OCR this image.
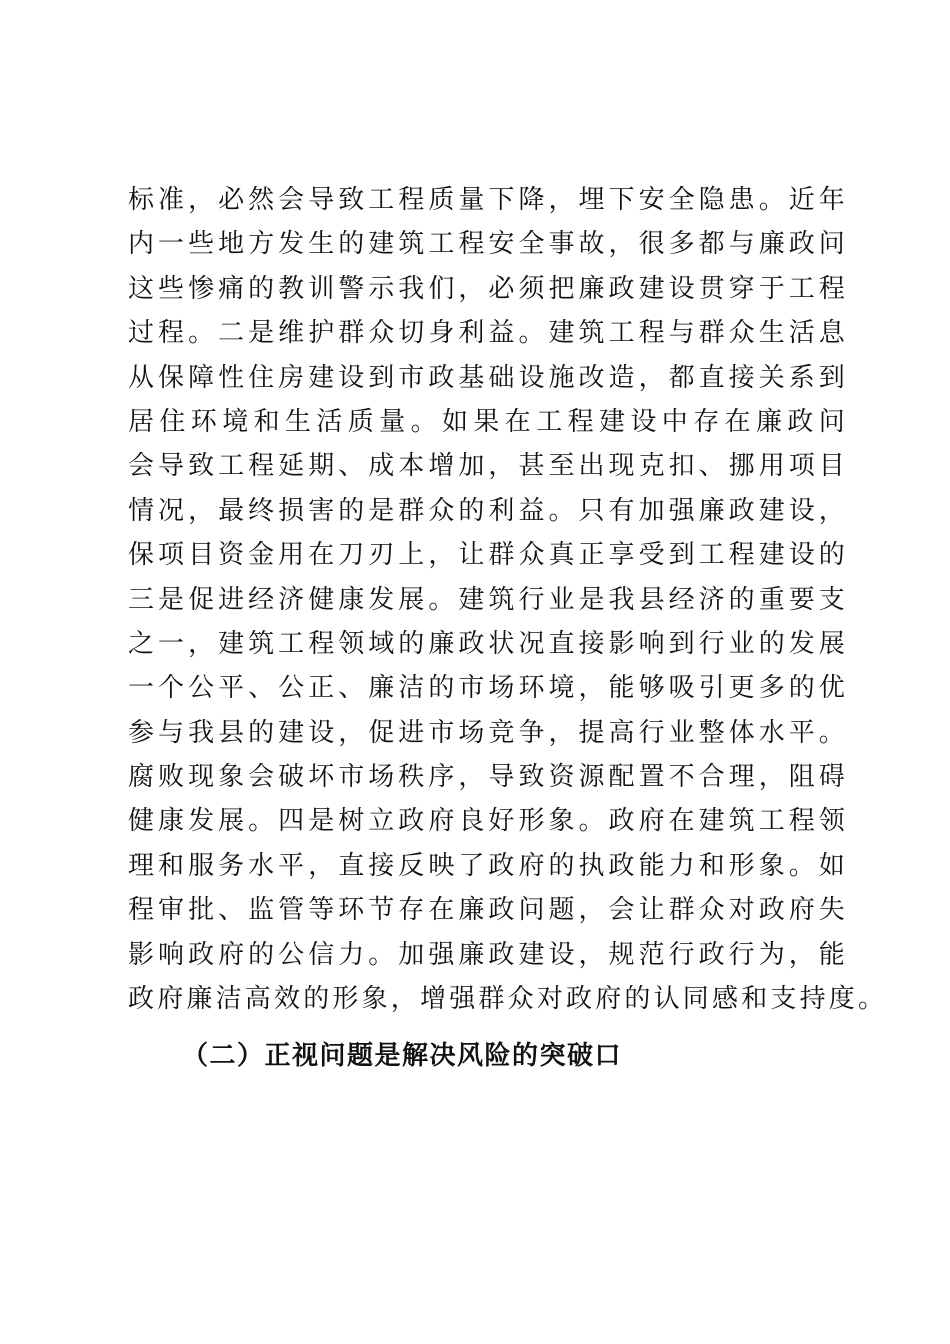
标准，必然会导致工程质量下降，埋下安全隐患。近年
内一些地方发生的建筑工程安全事故，很多都与廉政问
这些惨痛的教训警示我们，必须把廉政建设贯穿于工程
过程。二是维护群众切身利益。建筑工程与群众生活息
从保障性住房建设到市政基础设施改造，都直接关系到
居住环境和生活质量。如果在工程建设中存在廉政问
会导致工程延期、成本增加，甚至出现克扣、挪用项目
情况，最终损害的是群众的利益。只有加强廉政建设，
保项目资金用在刀刃上，让群众真正享受到工程建设的
三是促进经济健康发展。建筑行业是我县经济的重要支
之一，建筑工程领域的廉政状况直接影响到行业的发展
一个公平、公正、廉洁的市场环境，能够吸引更多的优
参与我县的建设，促进市场竞争，提高行业整体水平。
腐败现象会破坏市场秩序，导致资源配置不合理，阻碍
健康发展。四是树立政府良好形象。政府在建筑工程领
理和服务水平，直接反映了政府的执政能力和形象。如
程审批、监管等环节存在廉政问题，会让群众对政府失
影响政府的公信力。加强廉政建设，规范行政行为，能
政府廉洁高效的形象，增强群众对政府的认同感和支持度。
（二）正视问题是解决风险的突破口
